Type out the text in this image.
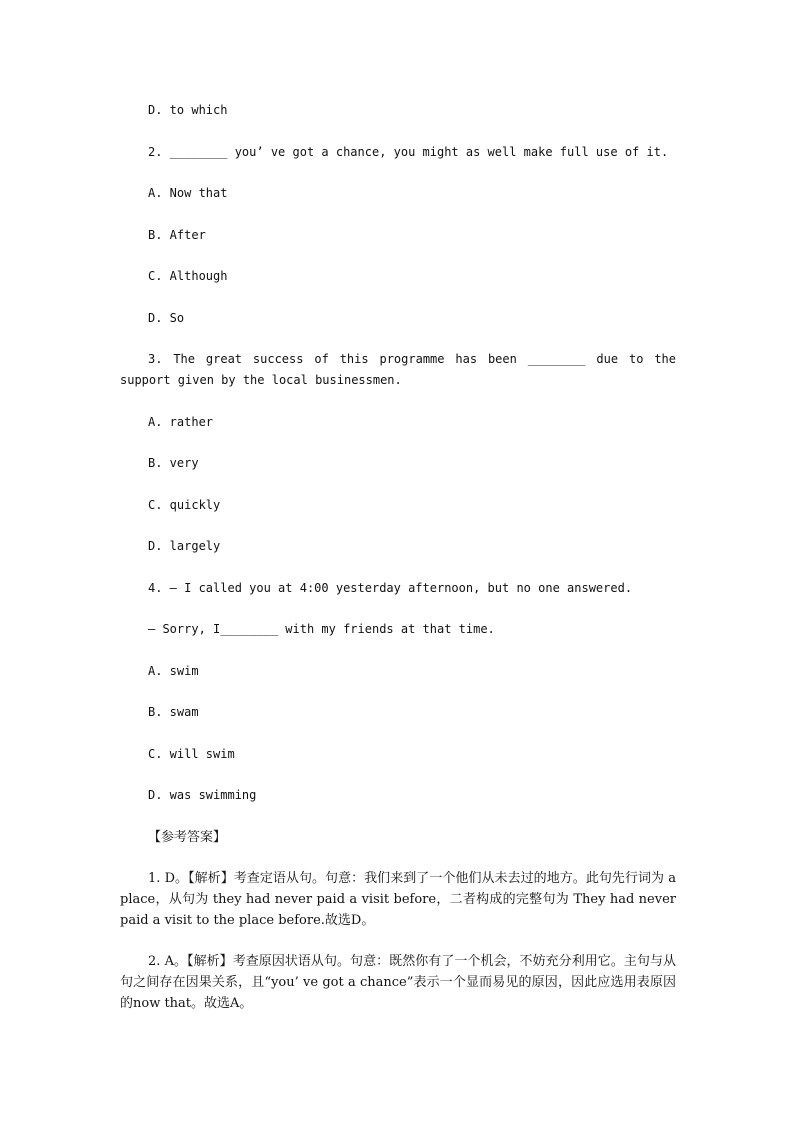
D. to which

2. ________ you’ ve got a chance, you might as well make full use of it.

A. Now that

B. After

C. Although

D. So

3. The great success of this programme has been ________ due to the support given by the local businessmen.

A. rather

B. very

C. quickly

D. largely

4. — I called you at 4:00 yesterday afternoon, but no one answered.

— Sorry, I________ with my friends at that time.

A. swim

B. swam

C. will swim

D. was swimming

【参考答案】

1. D。【解析】考查定语从句。句意：我们来到了一个他们从未去过的地方。此句先行词为 a place，从句为 they had never paid a visit before，二者构成的完整句为 They had never paid a visit to the place before.故选D。

2. A。【解析】考查原因状语从句。句意：既然你有了一个机会，不妨充分利用它。主句与从句之间存在因果关系，且“you’ ve got a chance”表示一个显而易见的原因，因此应选用表原因的now that。故选A。
